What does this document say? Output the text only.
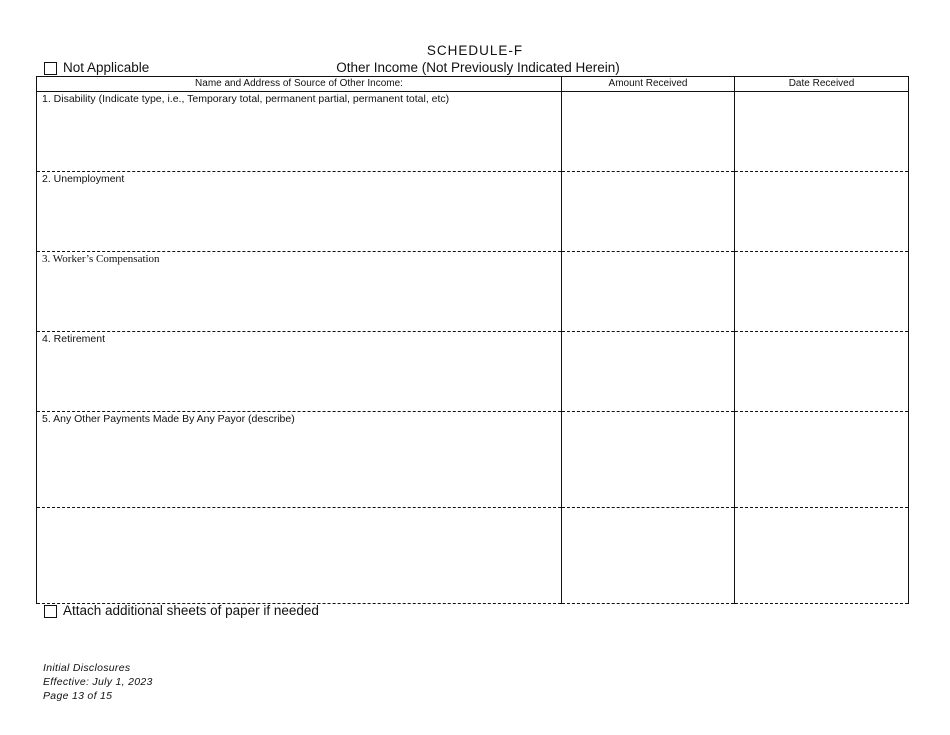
SCHEDULE-F
Other Income (Not Previously Indicated Herein)
Not Applicable
Name and Address of Source of Other Income:	Amount Received	Date Received
1. Disability (Indicate type, i.e., Temporary total, permanent partial, permanent total, etc)		
2. Unemployment		
3. Worker’s Compensation		
4. Retirement		
5. Any Other Payments Made By Any Payor (describe)		

Attach additional sheets of paper if needed
Initial Disclosures
Effective: July 1, 2023
Page 13 of 15
